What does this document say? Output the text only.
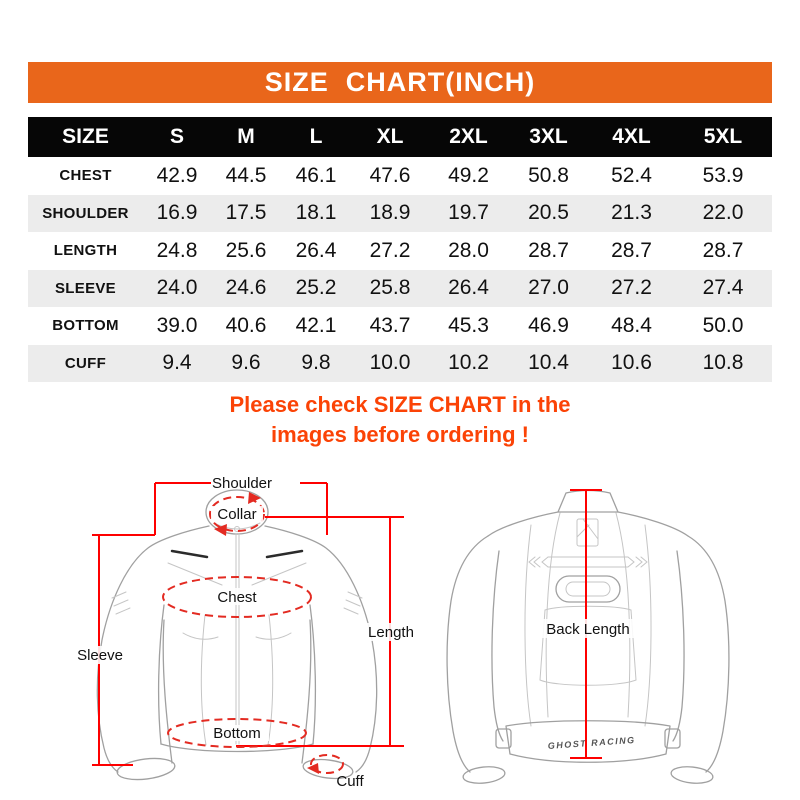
SIZE  CHART(INCH)
SIZE	S	M	L	XL	2XL	3XL	4XL	5XL
CHEST	42.9	44.5	46.1	47.6	49.2	50.8	52.4	53.9
SHOULDER	16.9	17.5	18.1	18.9	19.7	20.5	21.3	22.0
LENGTH	24.8	25.6	26.4	27.2	28.0	28.7	28.7	28.7
SLEEVE	24.0	24.6	25.2	25.8	26.4	27.0	27.2	27.4
BOTTOM	39.0	40.6	42.1	43.7	45.3	46.9	48.4	50.0
CUFF	9.4	9.6	9.8	10.0	10.2	10.4	10.6	10.8
Please check SIZE CHART in the
images before ordering !
GHOST RACING
Shoulder
Collar
Length
Sleeve
Chest
Bottom
Cuff
Back Length
